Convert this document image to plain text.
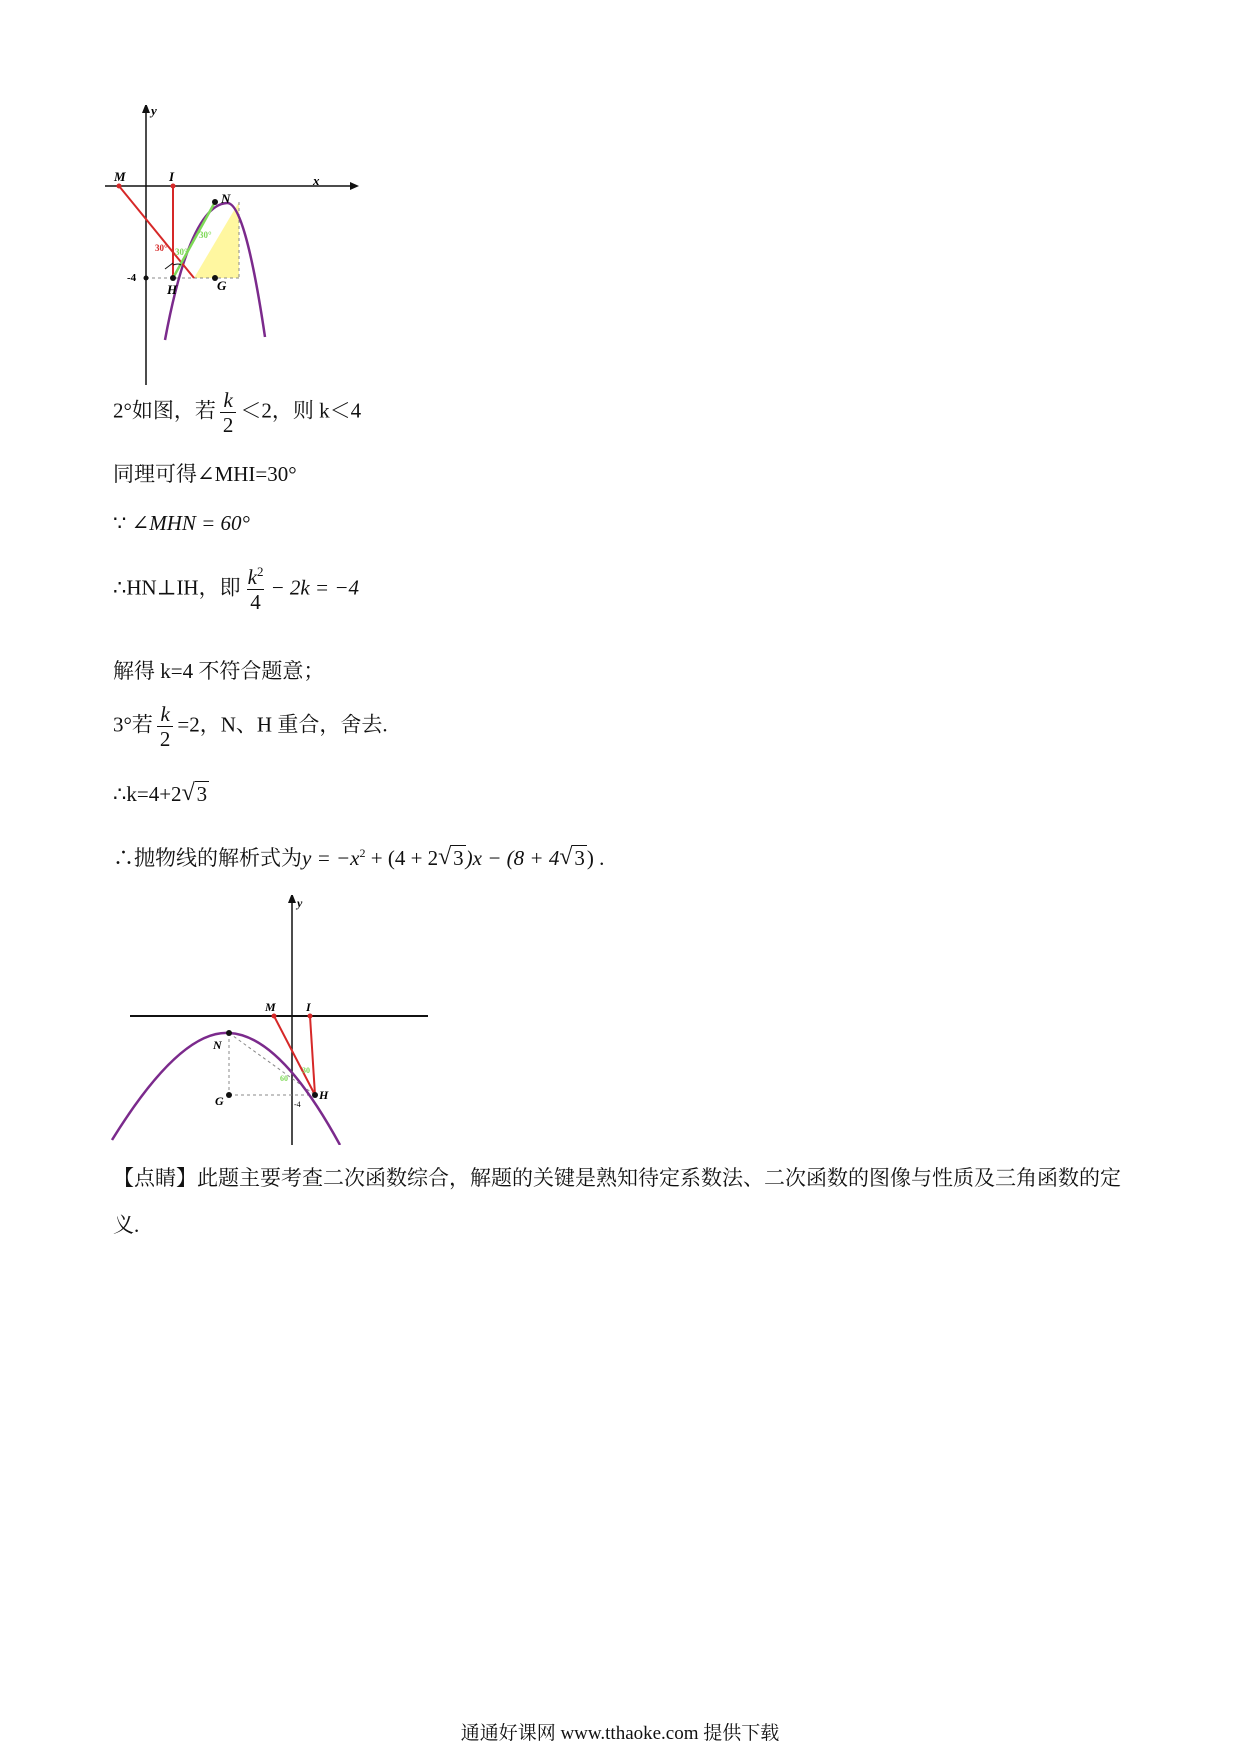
y
x
M	I
N
H	G
-4
30° 30°
30°
2°如图，若 $\frac{k}{2} <2$，则 k＜4
同理可得∠MHI=30°
∵ ∠MHN = 60°
∴HN⊥IH，即 $\frac{k^2}{4} - 2k = -4$
解得 k=4 不符合题意；
3°若 $\frac{k}{2} =2$，N、H 重合，舍去.
∴k=4+2 √ 3
∴抛物线的解析式为$y = -x^2 + (4 + 2$ √ 3)x − (8 + 4 √ 3) .
y
M	I
N
G	H
-4
30
60
【点睛】此题主要考查二次函数综合，解题的关键是熟知待定系数法、二次函数的图像与性质及三角函数的定义.
通通好课网 www.tthaoke.com 提供下载
